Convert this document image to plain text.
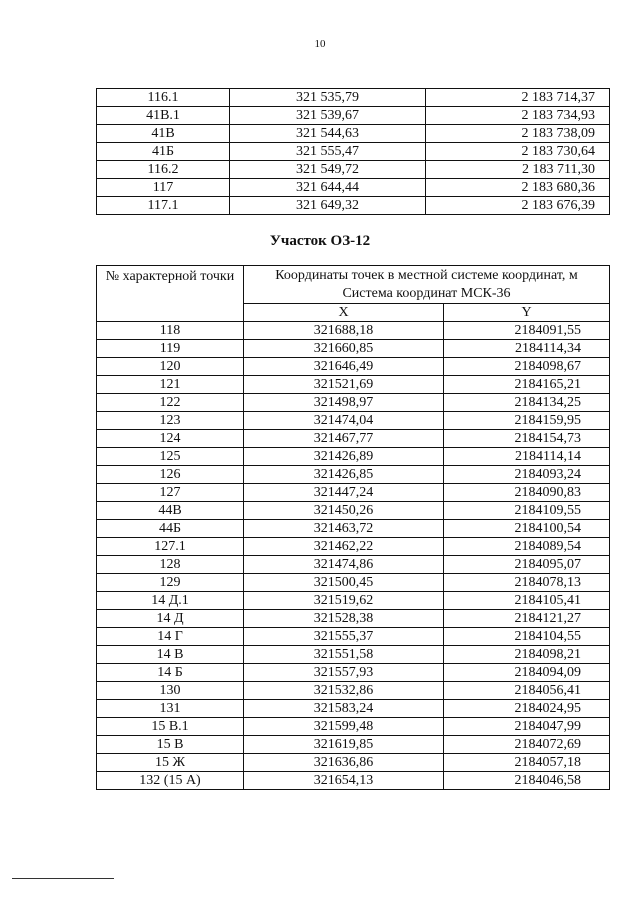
10
116.1	321 535,79	2 183 714,37
41В.1	321 539,67	2 183 734,93
41В	321 544,63	2 183 738,09
41Б	321 555,47	2 183 730,64
116.2	321 549,72	2 183 711,30
117	321 644,44	2 183 680,36
117.1	321 649,32	2 183 676,39
Участок ОЗ-12
№ характерной точки	Координаты точек в местной системе координат, м
Система координат МСК-36	
	X	Y
118	321688,18	2184091,55
119	321660,85	2184114,34
120	321646,49	2184098,67
121	321521,69	2184165,21
122	321498,97	2184134,25
123	321474,04	2184159,95
124	321467,77	2184154,73
125	321426,89	2184114,14
126	321426,85	2184093,24
127	321447,24	2184090,83
44В	321450,26	2184109,55
44Б	321463,72	2184100,54
127.1	321462,22	2184089,54
128	321474,86	2184095,07
129	321500,45	2184078,13
14 Д.1	321519,62	2184105,41
14 Д	321528,38	2184121,27
14 Г	321555,37	2184104,55
14 В	321551,58	2184098,21
14 Б	321557,93	2184094,09
130	321532,86	2184056,41
131	321583,24	2184024,95
15 В.1	321599,48	2184047,99
15 В	321619,85	2184072,69
15 Ж	321636,86	2184057,18
132 (15 А)	321654,13	2184046,58
